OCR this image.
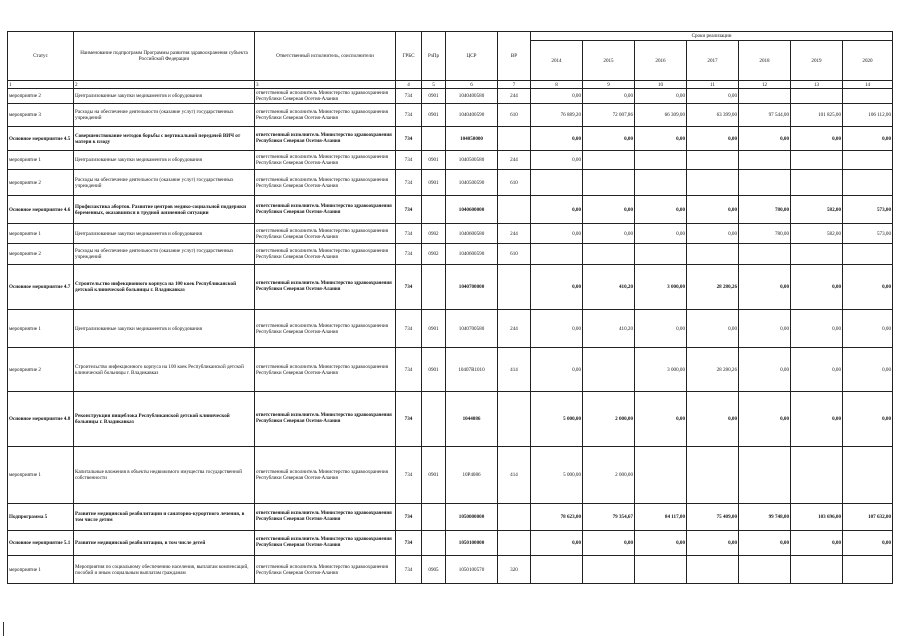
Статус	Наименование подпрограмм Программы развития здравоохранения субъекта Российской Федерации	Ответственный исполнитель, соисполнители	ГРБС	РзПр	ЦСР	ВР	Сроки реализации						
							2014	2015	2016	2017	2018	2019	2020
1	2	3	4	5	6	7	8	9	10	11	12	13	14
мероприятие 2	Централизованные закупки медикаментов и оборудования	ответственный исполнитель Министерство здравоохранения Республики Северная Осетия-Алания	734	0901	1040400580	244	0,00	0,00	0,00	0,00			
мероприятие 3	Расходы на обеспечение деятельности (оказание услуг) государственных учреждений	ответственный исполнитель Министерство здравоохранения Республики Северная Осетия-Алания	734	0901	1040400590	610	76 889,20	72 007,86	66 309,00	63 399,00	97 544,00	101 825,00	106 112,00
Основное мероприятие 4.5	Совершенствование методов борьбы с вертикальной передачей ВИЧ от матери к плоду	ответственный исполнитель Министерство здравоохранения Республики Северная Осетия-Алания	734		104050000		0,00	0,00	0,00	0,00	0,00	0,00	0,00
мероприятие 1	Централизованные закупки медикаментов и оборудования	ответственный исполнитель Министерство здравоохранения Республики Северная Осетия-Алания	734	0901	1040500580	244	0,00						
мероприятие 2	Расходы на обеспечение деятельности (оказание услуг) государственных учреждений	ответственный исполнитель Министерство здравоохранения Республики Северная Осетия-Алания	734	0901	1040500590	610							
Основное мероприятие 4.6	Профилактика абортов. Развитие центров медико-социальной поддержки беременных, оказавшихся в трудной жизненной ситуации	ответственный исполнитель Министерство здравоохранения Республики Северная Осетия-Алания	734		1040600000		0,00	0,00	0,00	0,00	780,00	582,00	573,00
мероприятие 1	Централизованные закупки медикаментов и оборудования	ответственный исполнитель Министерство здравоохранения Республики Северная Осетия-Алания	734	0902	1040600580	244	0,00	0,00	0,00	0,00	780,00	582,00	573,00
мероприятие 2	Расходы на обеспечение деятельности (оказание услуг) государственных учреждений	ответственный исполнитель Министерство здравоохранения Республики Северная Осетия-Алания	734	0902	1040600590	610							
Основное мероприятие 4.7	Строительство инфекционного корпуса на 100 коек Республиканской детской клинической больницы г. Владикавказ	ответственный исполнитель Министерство здравоохранения Республики Северная Осетия-Алания	734		1040700000		0,00	410,20	3 000,00	28 280,26	0,00	0,00	0,00
мероприятие 1	Централизованные закупки медикаментов и оборудования	ответственный исполнитель Министерство здравоохранения Республики Северная Осетия-Алания	734	0901	1040700580	244	0,00	410,20	0,00	0,00	0,00	0,00	0,00
мероприятие 2	Строительство инфекционного корпуса на 100 коек Республиканской детской клинической больницы г. Владикавказ	ответственный исполнитель Министерство здравоохранения Республики Северная Осетия-Алания	734	0901	10407R1010	414	0,00		3 000,00	28 280,26	0,00	0,00	0,00
Основное мероприятие 4.8	Реконструкция пищеблока Республиканской детской клинической больницы г. Владикавказ	ответственный исполнитель Министерство здравоохранения Республики Северная Осетия-Алания	734		1044086		5 000,00	2 000,00	0,00	0,00	0,00	0,00	0,00
мероприятие 1	Капитальные вложения в объекты недвижимого имущества государственной собственности	ответственный исполнитель Министерство здравоохранения Республики Северная Осетия-Алания	734	0901	10Р4086	414	5 000,00	2 000,00					
Подпрограмма 5	Развитие медицинской реабилитации и санаторно-курортного лечения, в том числе детям	ответственный исполнитель Министерство здравоохранения Республики Северная Осетия-Алания	734		1050000000		78 623,00	79 354,67	84 117,00	75 409,00	99 748,00	103 696,00	107 632,00
Основное мероприятие 5.1	Развитие медицинской реабилитации, в том числе детей	ответственный исполнитель Министерство здравоохранения Республики Северная Осетия-Алания	734		1050100000		0,00	0,00	0,00	0,00	0,00	0,00	0,00
мероприятие 1	Мероприятия по социальному обеспечению населения, выплатам компенсаций, пособий и иным социальным выплатам гражданам	ответственный исполнитель Министерство здравоохранения Республики Северная Осетия-Алания	734	0905	1050100570	320							
